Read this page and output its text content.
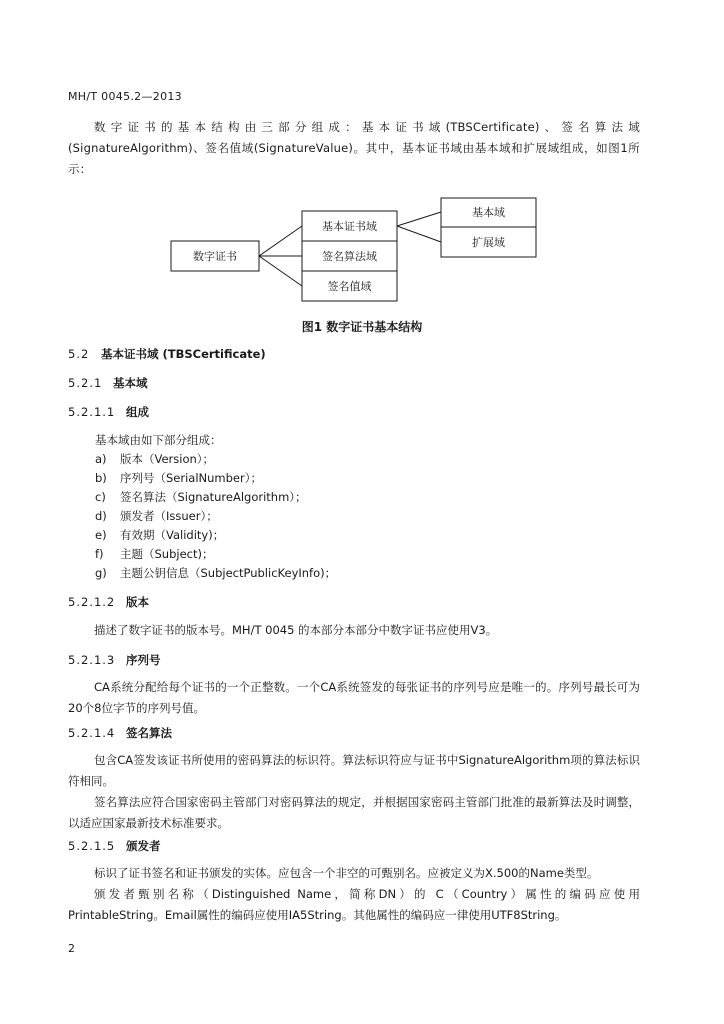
MH/T 0045.2—2013
数字证书的基本结构由三部分组成：基本证书域(TBSCertificate)、签名算法域(SignatureAlgorithm)、签名值域(SignatureValue)。其中，基本证书域由基本域和扩展域组成，如图1所示：
数字证书
基本证书域
签名算法域
签名值域
基本域
扩展域
图1 数字证书基本结构
5.2 基本证书域 (TBSCertificate)
5.2.1 基本域
5.2.1.1 组成
基本域由如下部分组成：
a) 版本（Version）；
b) 序列号（SerialNumber）；
c) 签名算法（SignatureAlgorithm）；
d) 颁发者（Issuer）；
e) 有效期（Validity)；
f) 主题（Subject)；
g) 主题公钥信息（SubjectPublicKeyInfo)；
5.2.1.2 版本
描述了数字证书的版本号。MH/T 0045 的本部分本部分中数字证书应使用V3。
5.2.1.3 序列号
CA系统分配给每个证书的一个正整数。一个CA系统签发的每张证书的序列号应是唯一的。序列号最长可为20个8位字节的序列号值。
5.2.1.4 签名算法
包含CA签发该证书所使用的密码算法的标识符。算法标识符应与证书中SignatureAlgorithm项的算法标识符相同。
签名算法应符合国家密码主管部门对密码算法的规定，并根据国家密码主管部门批准的最新算法及时调整，以适应国家最新技术标准要求。
5.2.1.5 颁发者
标识了证书签名和证书颁发的实体。应包含一个非空的可甄别名。应被定义为X.500的Name类型。
颁发者甄别名称（Distinguished Name，简称DN）的 C（Country）属性的编码应使用PrintableString。Email属性的编码应使用IA5String。其他属性的编码应一律使用UTF8String。
2
